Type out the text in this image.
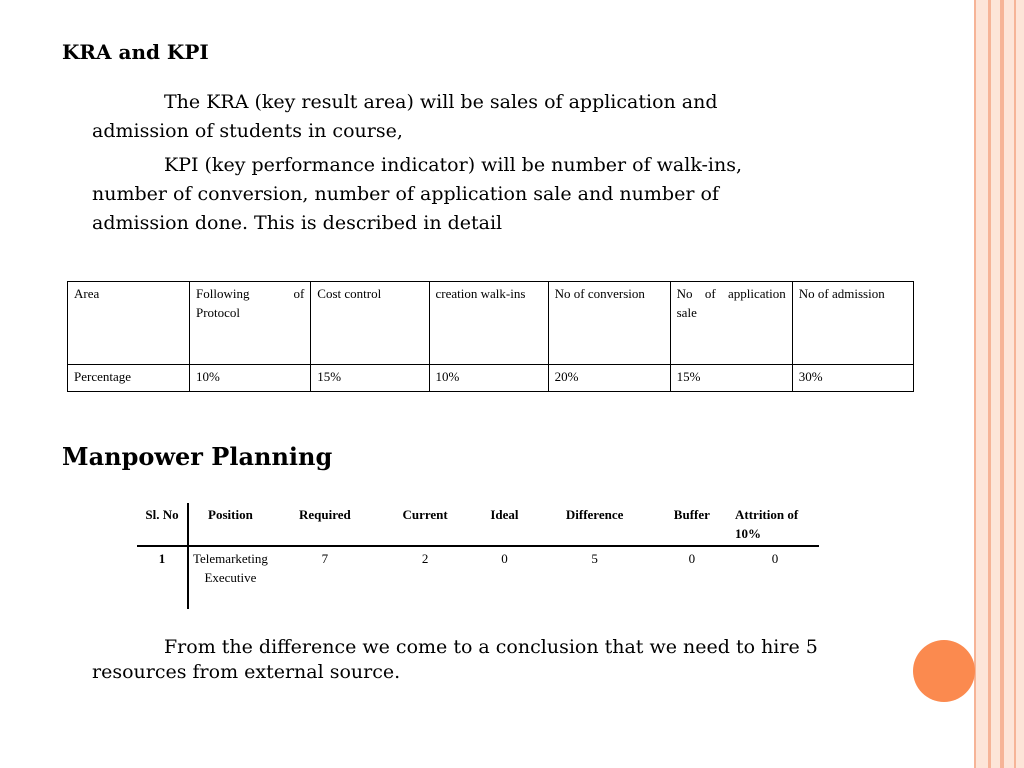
KRA and KPI

The KRA (key result area) will be sales of application and admission of students in course,

KPI (key performance indicator) will be number of walk-ins, number of conversion, number of application sale and number of admission done. This is described in detail

Area	Following of Protocol	Cost control	creation walk-ins	No of conversion	No of application sale	No of admission
Percentage	10%	15%	10%	20%	15%	30%
Manpower Planning
Sl. No	Position	Required	Current	Ideal	Difference	Buffer	Attrition of 10%
1	Telemarketing Executive	7	2	0	5	0	0

From the difference we come to a conclusion that we need to hire 5 resources from external source.
